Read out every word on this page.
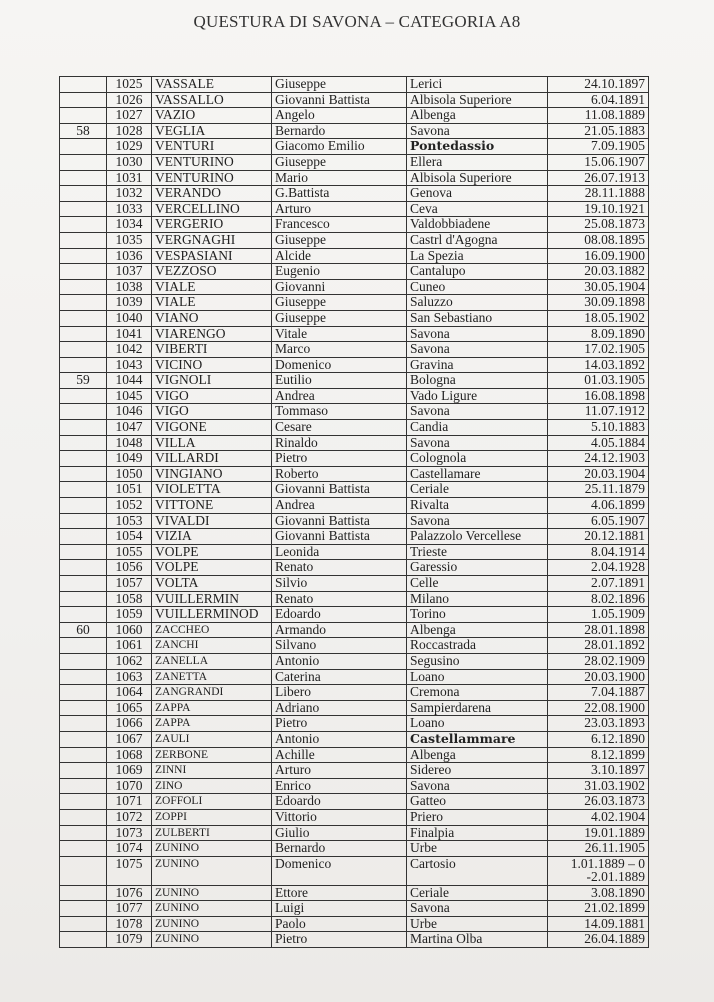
QUESTURA DI SAVONA – CATEGORIA A8
	1025	VASSALE	Giuseppe	Lerici	24.10.1897
	1026	VASSALLO	Giovanni Battista	Albisola Superiore	6.04.1891
	1027	VAZIO	Angelo	Albenga	11.08.1889
58	1028	VEGLIA	Bernardo	Savona	21.05.1883
	1029	VENTURI	Giacomo Emilio	Pontedassio	7.09.1905
	1030	VENTURINO	Giuseppe	Ellera	15.06.1907
	1031	VENTURINO	Mario	Albisola Superiore	26.07.1913
	1032	VERANDO	G.Battista	Genova	28.11.1888
	1033	VERCELLINO	Arturo	Ceva	19.10.1921
	1034	VERGERIO	Francesco	Valdobbiadene	25.08.1873
	1035	VERGNAGHI	Giuseppe	Castrl d'Agogna	08.08.1895
	1036	VESPASIANI	Alcide	La Spezia	16.09.1900
	1037	VEZZOSO	Eugenio	Cantalupo	20.03.1882
	1038	VIALE	Giovanni	Cuneo	30.05.1904
	1039	VIALE	Giuseppe	Saluzzo	30.09.1898
	1040	VIANO	Giuseppe	San Sebastiano	18.05.1902
	1041	VIARENGO	Vitale	Savona	8.09.1890
	1042	VIBERTI	Marco	Savona	17.02.1905
	1043	VICINO	Domenico	Gravina	14.03.1892
59	1044	VIGNOLI	Eutilio	Bologna	01.03.1905
	1045	VIGO	Andrea	Vado Ligure	16.08.1898
	1046	VIGO	Tommaso	Savona	11.07.1912
	1047	VIGONE	Cesare	Candia	5.10.1883
	1048	VILLA	Rinaldo	Savona	4.05.1884
	1049	VILLARDI	Pietro	Colognola	24.12.1903
	1050	VINGIANO	Roberto	Castellamare	20.03.1904
	1051	VIOLETTA	Giovanni Battista	Ceriale	25.11.1879
	1052	VITTONE	Andrea	Rivalta	4.06.1899
	1053	VIVALDI	Giovanni Battista	Savona	6.05.1907
	1054	VIZIA	Giovanni Battista	Palazzolo Vercellese	20.12.1881
	1055	VOLPE	Leonida	Trieste	8.04.1914
	1056	VOLPE	Renato	Garessio	2.04.1928
	1057	VOLTA	Silvio	Celle	2.07.1891
	1058	VUILLERMIN	Renato	Milano	8.02.1896
	1059	VUILLERMINOD	Edoardo	Torino	1.05.1909
60	1060	ZACCHEO	Armando	Albenga	28.01.1898
	1061	ZANCHI	Silvano	Roccastrada	28.01.1892
	1062	ZANELLA	Antonio	Segusino	28.02.1909
	1063	ZANETTA	Caterina	Loano	20.03.1900
	1064	ZANGRANDI	Libero	Cremona	7.04.1887
	1065	ZAPPA	Adriano	Sampierdarena	22.08.1900
	1066	ZAPPA	Pietro	Loano	23.03.1893
	1067	ZAULI	Antonio	Castellammare	6.12.1890
	1068	ZERBONE	Achille	Albenga	8.12.1899
	1069	ZINNI	Arturo	Sidereo	3.10.1897
	1070	ZINO	Enrico	Savona	31.03.1902
	1071	ZOFFOLI	Edoardo	Gatteo	26.03.1873
	1072	ZOPPI	Vittorio	Priero	4.02.1904
	1073	ZULBERTI	Giulio	Finalpia	19.01.1889
	1074	ZUNINO	Bernardo	Urbe	26.11.1905
	1075	ZUNINO	Domenico	Cartosio	1.01.1889 – 0
-2.01.1889

	1076	ZUNINO	Ettore	Ceriale	3.08.1890
	1077	ZUNINO	Luigi	Savona	21.02.1899
	1078	ZUNINO	Paolo	Urbe	14.09.1881
	1079	ZUNINO	Pietro	Martina Olba	26.04.1889
